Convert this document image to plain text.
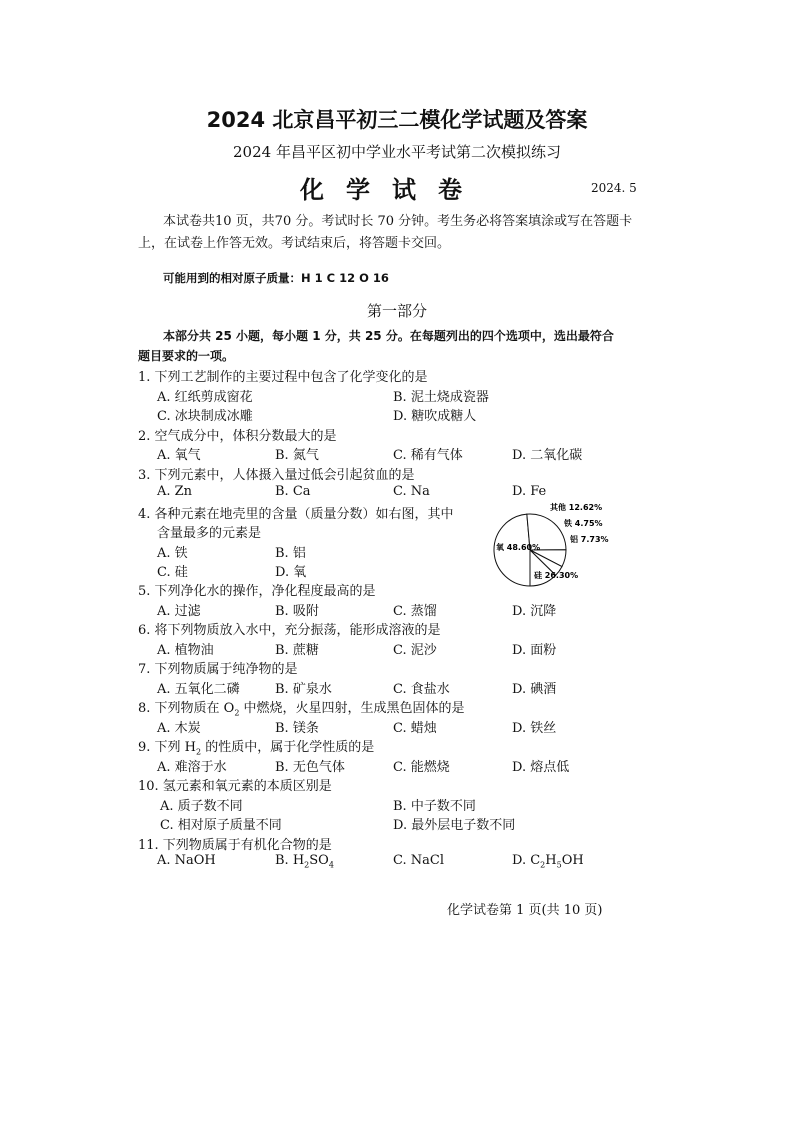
2024 北京昌平初三二模化学试题及答案
2024 年昌平区初中学业水平考试第二次模拟练习
化学试卷	2024. 5
本试卷共10 页，共70 分。考试时长 70 分钟。考生务必将答案填涂或写在答题卡
上，在试卷上作答无效。考试结束后，将答题卡交回。
可能用到的相对原子质量：H 1 C 12 O 16
第一部分
本部分共 25 小题，每小题 1 分，共 25 分。在每题列出的四个选项中，选出最符合
题目要求的一项。
1. 下列工艺制作的主要过程中包含了化学变化的是
A. 红纸剪成窗花	B. 泥土烧成瓷器
C. 冰块制成冰雕	D. 糖吹成糖人
2. 空气成分中，体积分数最大的是
A. 氧气	B. 氮气	C. 稀有气体	D. 二氧化碳
3. 下列元素中，人体摄入量过低会引起贫血的是
A. Zn	B. Ca	C. Na	D. Fe
4. 各种元素在地壳里的含量（质量分数）如右图，其中
含量最多的元素是
A. 铁	B. 铝
C. 硅	D. 氧
氧 48.60%
硅 26.30%
铝 7.73%
铁 4.75%
其他 12.62%
5. 下列净化水的操作，净化程度最高的是
A. 过滤	B. 吸附	C. 蒸馏	D. 沉降
6. 将下列物质放入水中，充分振荡，能形成溶液的是
A. 植物油	B. 蔗糖	C. 泥沙	D. 面粉
7. 下列物质属于纯净物的是
A. 五氧化二磷	B. 矿泉水	C. 食盐水	D. 碘酒
8. 下列物质在 $O_2$ 中燃烧，火星四射，生成黑色固体的是
A. 木炭	B. 镁条	C. 蜡烛	D. 铁丝
9. 下列 $H_2$ 的性质中，属于化学性质的是
A. 难溶于水	B. 无色气体	C. 能燃烧	D. 熔点低
10. 氢元素和氧元素的本质区别是
A. 质子数不同	B. 中子数不同
C. 相对原子质量不同	D. 最外层电子数不同
11. 下列物质属于有机化合物的是
A. NaOH	B. $H_2SO_4$	C. NaCl	D. $C_2H_5OH$
化学试卷第 1 页(共 10 页)
